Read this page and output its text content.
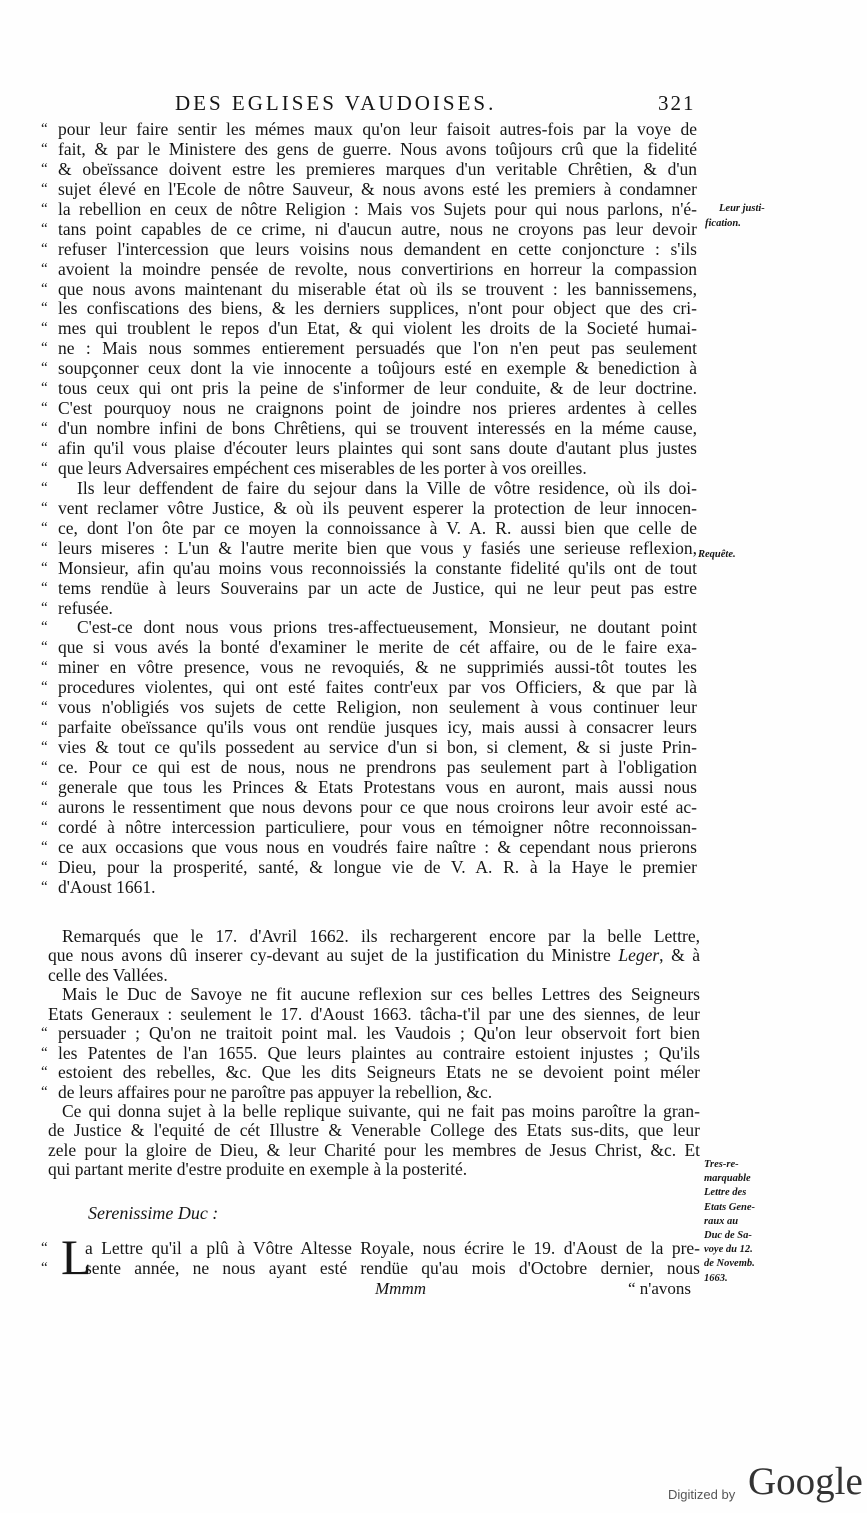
DES EGLISES VAUDOISES.	321
“ pour leur faire sentir les mémes maux qu'on leur faisoit autres-fois par la voye de
“ fait, & par le Ministere des gens de guerre. Nous avons toûjours crû que la fidelité
“ & obeïssance doivent estre les premieres marques d'un veritable Chrêtien, & d'un
“ sujet élevé en l'Ecole de nôtre Sauveur, & nous avons esté les premiers à condamner
“ la rebellion en ceux de nôtre Religion : Mais vos Sujets pour qui nous parlons, n'é-
“ tans point capables de ce crime, ni d'aucun autre, nous ne croyons pas leur devoir
“ refuser l'intercession que leurs voisins nous demandent en cette conjoncture : s'ils
“ avoient la moindre pensée de revolte, nous convertirions en horreur la compassion
“ que nous avons maintenant du miserable état où ils se trouvent : les bannissemens,
“ les confiscations des biens, & les derniers supplices, n'ont pour object que des cri-
“ mes qui troublent le repos d'un Etat, & qui violent les droits de la Societé humai-
“ ne : Mais nous sommes entierement persuadés que l'on n'en peut pas seulement
“ soupçonner ceux dont la vie innocente a toûjours esté en exemple & benediction à
“ tous ceux qui ont pris la peine de s'informer de leur conduite, & de leur doctrine.
“ C'est pourquoy nous ne craignons point de joindre nos prieres ardentes à celles
“ d'un nombre infini de bons Chrêtiens, qui se trouvent interessés en la méme cause,
“ afin qu'il vous plaise d'écouter leurs plaintes qui sont sans doute d'autant plus justes
“ que leurs Adversaires empéchent ces miserables de les porter à vos oreilles.
“	Ils leur deffendent de faire du sejour dans la Ville de vôtre residence, où ils doi-
“ vent reclamer vôtre Justice, & où ils peuvent esperer la protection de leur innocen-
“ ce, dont l'on ôte par ce moyen la connoissance à V. A. R. aussi bien que celle de
“ leurs miseres : L'un & l'autre merite bien que vous y fasiés une serieuse reflexion,
“ Monsieur, afin qu'au moins vous reconnoissiés la constante fidelité qu'ils ont de tout
“ tems rendüe à leurs Souverains par un acte de Justice, qui ne leur peut pas estre
“ refusée.
“	C'est-ce dont nous vous prions tres-affectueusement, Monsieur, ne doutant point
“ que si vous avés la bonté d'examiner le merite de cét affaire, ou de le faire exa-
“ miner en vôtre presence, vous ne revoquiés, & ne supprimiés aussi-tôt toutes les
“ procedures violentes, qui ont esté faites contr'eux par vos Officiers, & que par là
“ vous n'obligiés vos sujets de cette Religion, non seulement à vous continuer leur
“ parfaite obeïssance qu'ils vous ont rendüe jusques icy, mais aussi à consacrer leurs
“ vies & tout ce qu'ils possedent au service d'un si bon, si clement, & si juste Prin-
“ ce. Pour ce qui est de nous, nous ne prendrons pas seulement part à l'obligation
“ generale que tous les Princes & Etats Protestans vous en auront, mais aussi nous
“ aurons le ressentiment que nous devons pour ce que nous croirons leur avoir esté ac-
“ cordé à nôtre intercession particuliere, pour vous en témoigner nôtre reconnoissan-
“ ce aux occasions que vous nous en voudrés faire naître : & cependant nous prierons
“ Dieu, pour la prosperité, santé, & longue vie de V. A. R. à la Haye le premier
“ d'Aoust 1661.
Leur justi-
fication.
Requête.
Remarqués que le 17. d'Avril 1662. ils rechargerent encore par la belle Lettre,
que nous avons dû inserer cy-devant au sujet de la justification du Ministre Leger, & à
celle des Vallées.
Mais le Duc de Savoye ne fit aucune reflexion sur ces belles Lettres des Seigneurs
Etats Generaux : seulement le 17. d'Aoust 1663. tâcha-t'il par une des siennes, de leur
“ persuader ; Qu'on ne traitoit point mal. les Vaudois ; Qu'on leur observoit fort bien
“ les Patentes de l'an 1655. Que leurs plaintes au contraire estoient injustes ; Qu'ils
“ estoient des rebelles, &c. Que les dits Seigneurs Etats ne se devoient point méler
“ de leurs affaires pour ne paroître pas appuyer la rebellion, &c.
Ce qui donna sujet à la belle replique suivante, qui ne fait pas moins paroître la gran-
de Justice & l'equité de cét Illustre & Venerable College des Etats sus-dits, que leur
zele pour la gloire de Dieu, & leur Charité pour les membres de Jesus Christ, &c. Et
qui partant merite d'estre produite en exemple à la posterité.	Tres-re-
marquable
Lettre des
Etats Gene-
raux au
Duc de Sa-
voye du 12.
de Novemb.
1663.
Serenissime Duc :
L
“	a Lettre qu'il a plû à Vôtre Altesse Royale, nous écrire le 19. d'Aoust de la pre-
“	sente année, ne nous ayant esté rendüe qu'au mois d'Octobre dernier, nous
Mmmm	“ n'avons
Digitized by Google
